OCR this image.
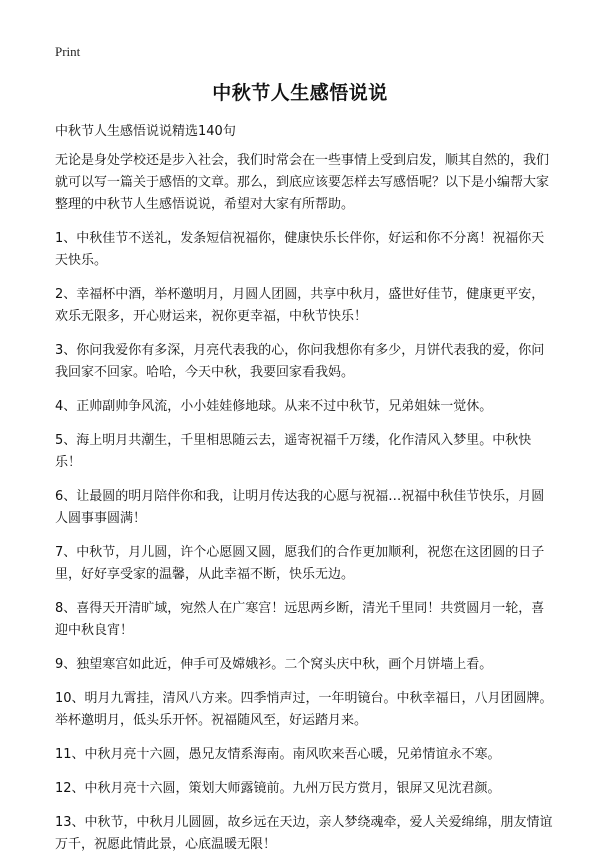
Print
中秋节人生感悟说说

中秋节人生感悟说说精选140句

无论是身处学校还是步入社会，我们时常会在一些事情上受到启发，顺其自然的，我们就可以写一篇关于感悟的文章。那么，到底应该要怎样去写感悟呢？以下是小编帮大家整理的中秋节人生感悟说说，希望对大家有所帮助。

1、中秋佳节不送礼，发条短信祝福你，健康快乐长伴你，好运和你不分离！祝福你天天快乐。

2、幸福杯中酒，举杯邀明月，月圆人团圆，共享中秋月，盛世好佳节，健康更平安，欢乐无限多，开心财运来，祝你更幸福，中秋节快乐！

3、你问我爱你有多深，月亮代表我的心，你问我想你有多少，月饼代表我的爱，你问我回家不回家。哈哈，今天中秋，我要回家看我妈。

4、正帅副帅争风流，小小娃娃修地球。从来不过中秋节，兄弟姐妹一觉休。

5、海上明月共潮生，千里相思随云去，遥寄祝福千万缕，化作清风入梦里。中秋快乐！

6、让最圆的明月陪伴你和我，让明月传达我的心愿与祝福…祝福中秋佳节快乐，月圆人圆事事圆满！

7、中秋节，月儿圆，许个心愿圆又圆，愿我们的合作更加顺利，祝您在这团圆的日子里，好好享受家的温馨，从此幸福不断，快乐无边。

8、喜得天开清旷域，宛然人在广寒宫！远思两乡断，清光千里同！共赏圆月一轮，喜迎中秋良宵！

9、独望寒宫如此近，伸手可及嫦娥衫。二个窝头庆中秋，画个月饼墙上看。

10、明月九霄挂，清风八方来。四季悄声过，一年明镜台。中秋幸福日，八月团圆牌。举杯邀明月，低头乐开怀。祝福随风至，好运踏月来。

11、中秋月亮十六圆，愚兄友情系海南。南风吹来吾心暖，兄弟情谊永不寒。

12、中秋月亮十六圆，策划大师露镜前。九州万民方赏月，银屏又见沈君颜。

13、中秋节，中秋月儿圆圆，故乡远在天边，亲人梦绕魂牵，爱人关爱绵绵，朋友情谊万千，祝愿此情此景，心底温暖无限！
